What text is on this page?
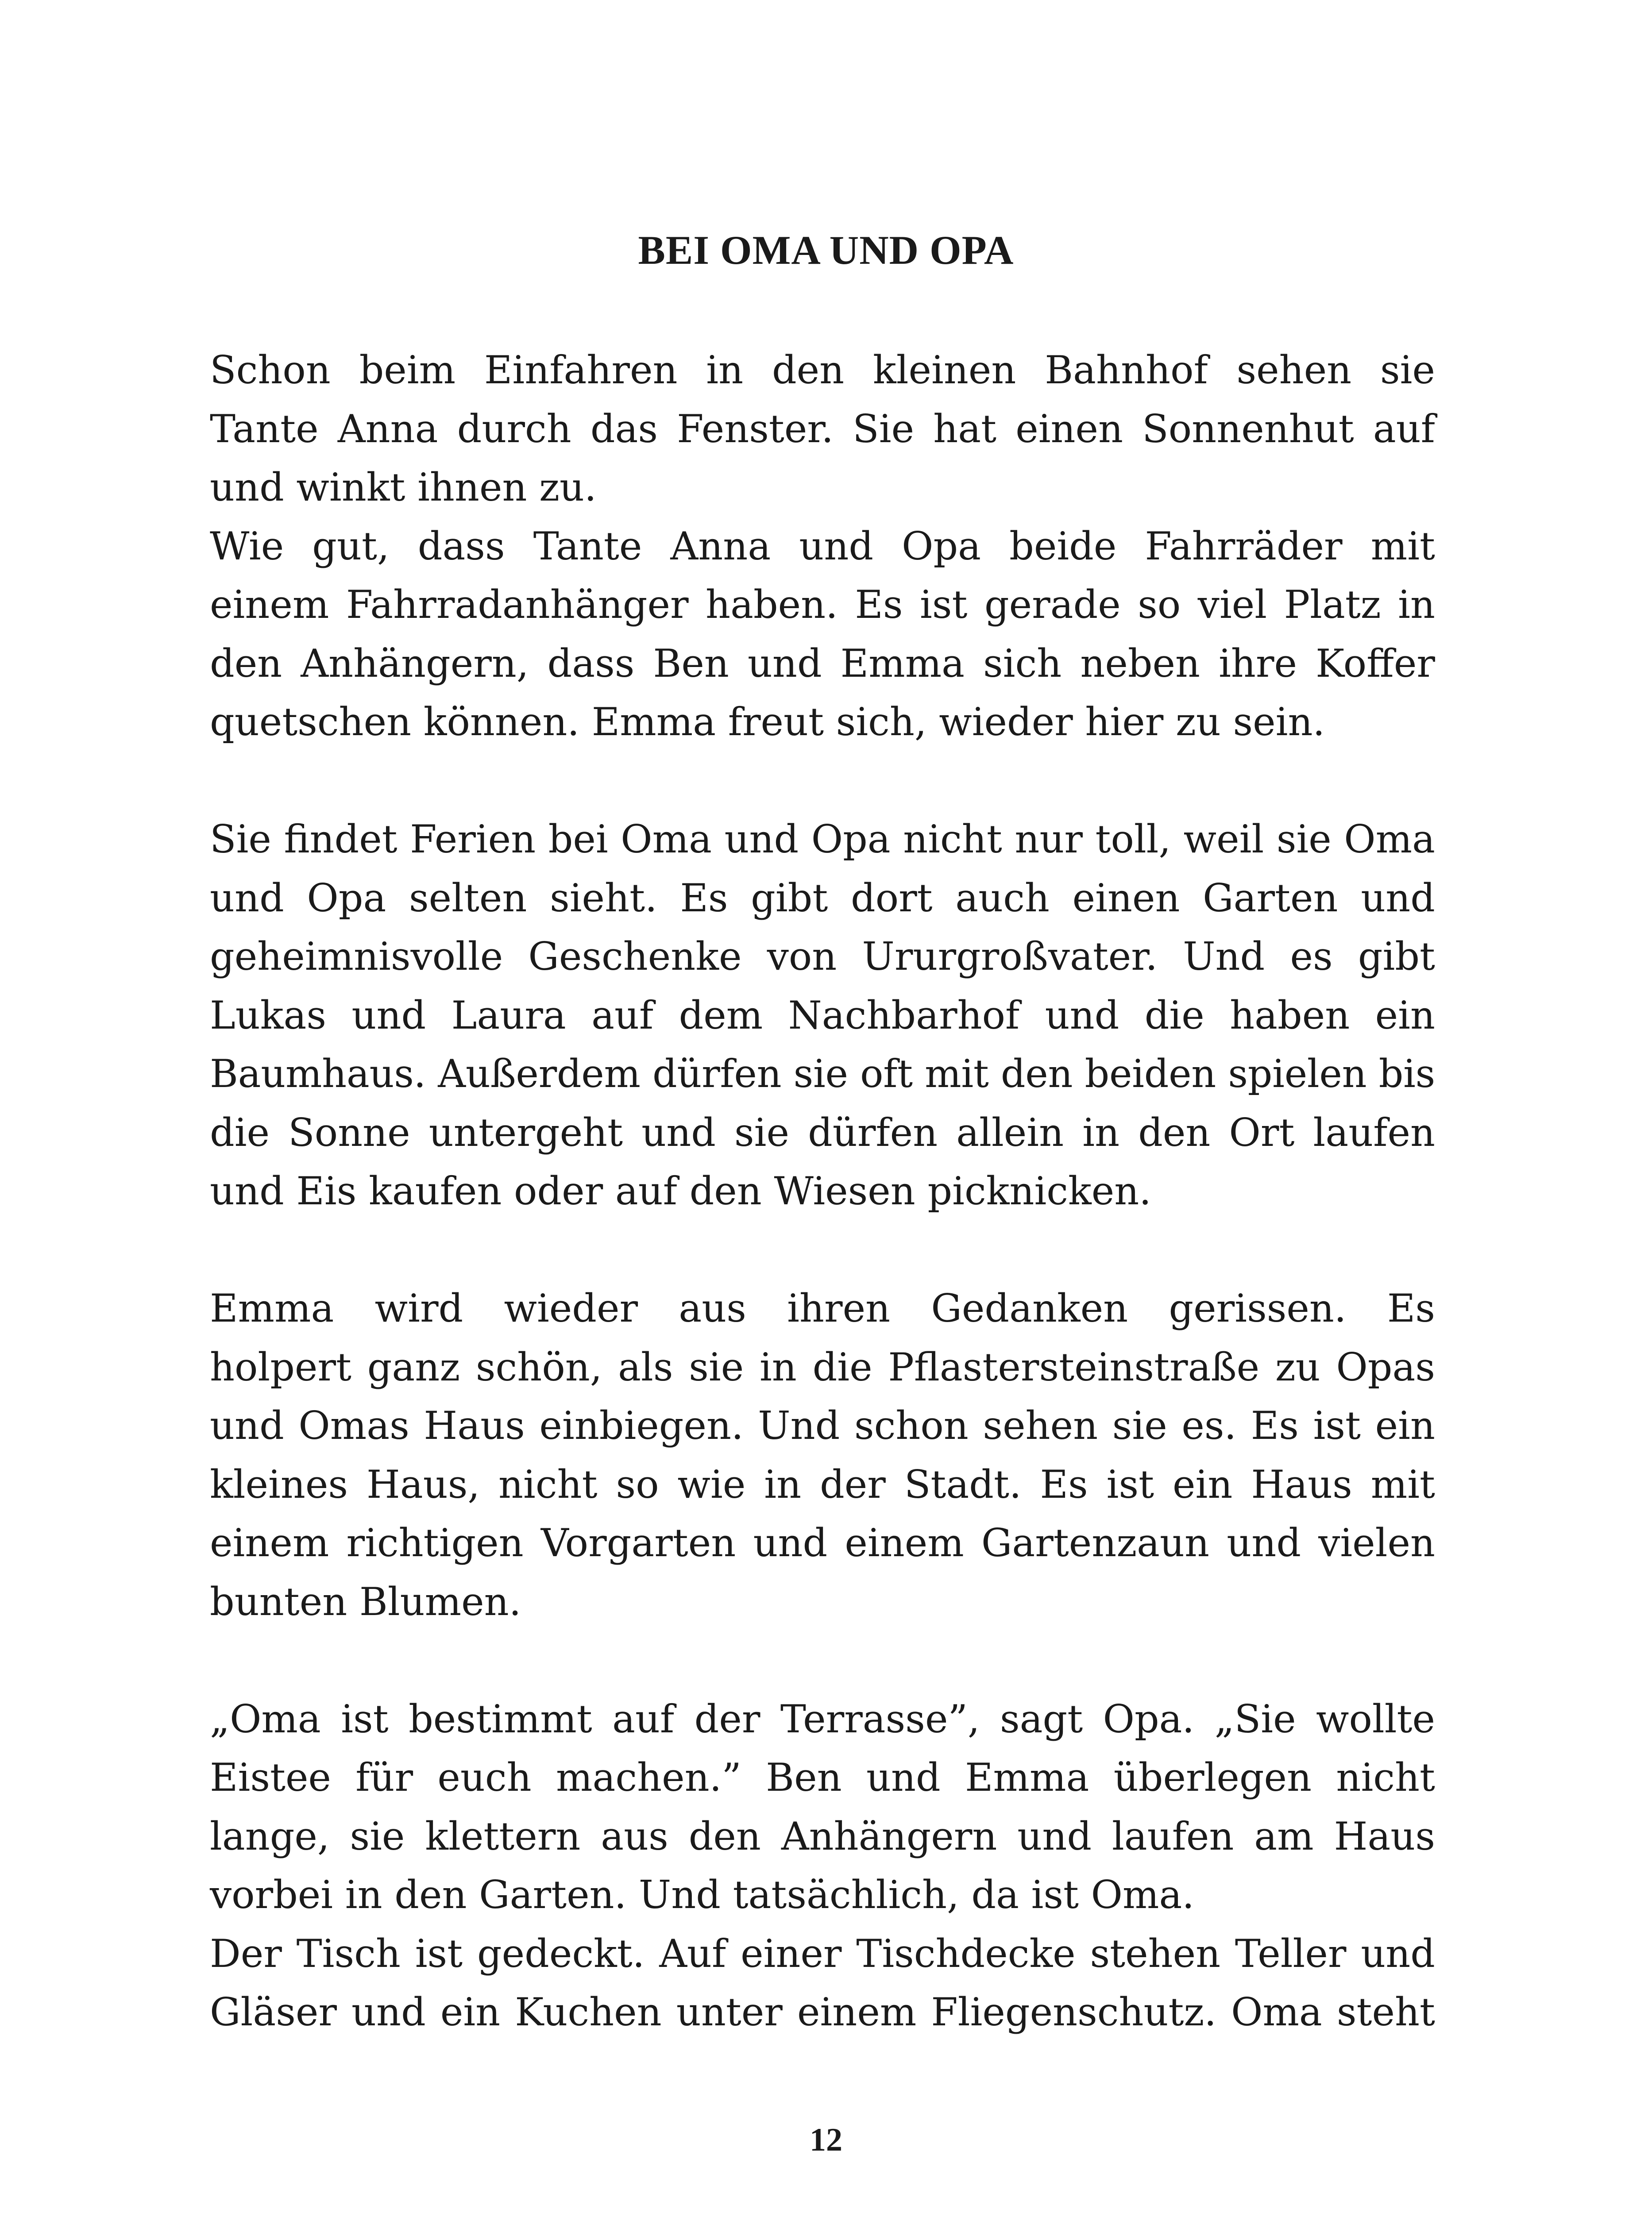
BEI OMA UND OPA

Schon beim Einfahren in den kleinen Bahnhof sehen sie
Tante Anna durch das Fenster. Sie hat einen Sonnenhut auf
und winkt ihnen zu.

Wie gut, dass Tante Anna und Opa beide Fahrräder mit
einem Fahrradanhänger haben. Es ist gerade so viel Platz in
den Anhängern, dass Ben und Emma sich neben ihre Koffer
quetschen können. Emma freut sich, wieder hier zu sein.

Sie findet Ferien bei Oma und Opa nicht nur toll, weil sie Oma
und Opa selten sieht. Es gibt dort auch einen Garten und
geheimnisvolle Geschenke von Ururgroßvater. Und es gibt
Lukas und Laura auf dem Nachbarhof und die haben ein
Baumhaus. Außerdem dürfen sie oft mit den beiden spielen bis
die Sonne untergeht und sie dürfen allein in den Ort laufen
und Eis kaufen oder auf den Wiesen picknicken.

Emma wird wieder aus ihren Gedanken gerissen. Es
holpert ganz schön, als sie in die Pflastersteinstraße zu Opas
und Omas Haus einbiegen. Und schon sehen sie es. Es ist ein
kleines Haus, nicht so wie in der Stadt. Es ist ein Haus mit
einem richtigen Vorgarten und einem Gartenzaun und vielen
bunten Blumen.

„Oma ist bestimmt auf der Terrasse”, sagt Opa. „Sie wollte
Eistee für euch machen.” Ben und Emma überlegen nicht
lange, sie klettern aus den Anhängern und laufen am Haus
vorbei in den Garten. Und tatsächlich, da ist Oma.

Der Tisch ist gedeckt. Auf einer Tischdecke stehen Teller und
Gläser und ein Kuchen unter einem Fliegenschutz. Oma steht

12
